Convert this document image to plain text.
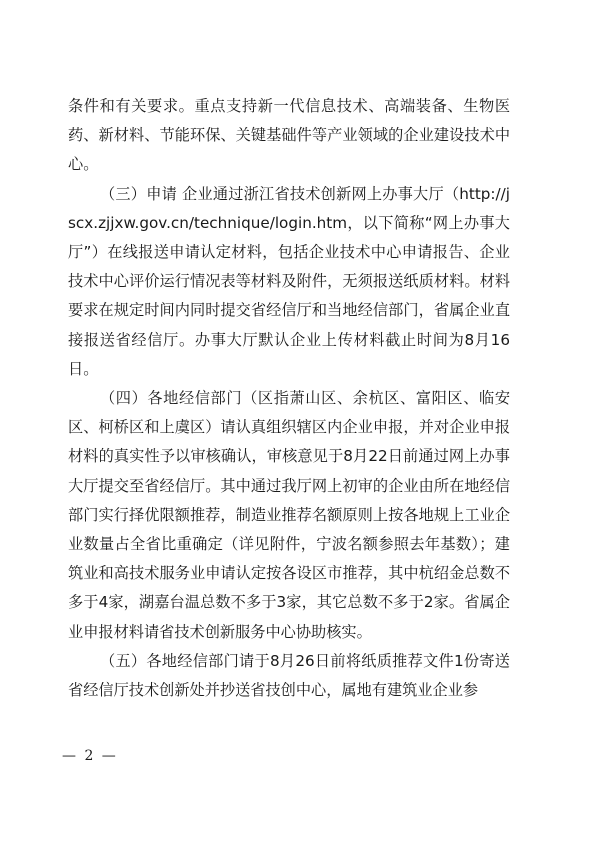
条件和有关要求。重点支持新一代信息技术、高端装备、生物医药、新材料、节能环保、关键基础件等产业领域的企业建设技术中心。

（三）申请 企业通过浙江省技术创新网上办事大厅（http://jscx.zjjxw.gov.cn/technique/login.htm，以下简称“网上办事大厅”）在线报送申请认定材料，包括企业技术中心申请报告、企业技术中心评价运行情况表等材料及附件，无须报送纸质材料。材料要求在规定时间内同时提交省经信厅和当地经信部门，省属企业直接报送省经信厅。办事大厅默认企业上传材料截止时间为8月16日。

（四）各地经信部门（区指萧山区、余杭区、富阳区、临安区、柯桥区和上虞区）请认真组织辖区内企业申报，并对企业申报材料的真实性予以审核确认，审核意见于8月22日前通过网上办事大厅提交至省经信厅。其中通过我厅网上初审的企业由所在地经信部门实行择优限额推荐，制造业推荐名额原则上按各地规上工业企业数量占全省比重确定（详见附件，宁波名额参照去年基数）；建筑业和高技术服务业申请认定按各设区市推荐，其中杭绍金总数不多于4家，湖嘉台温总数不多于3家，其它总数不多于2家。省属企业申报材料请省技术创新服务中心协助核实。

（五）各地经信部门请于8月26日前将纸质推荐文件1份寄送省经信厅技术创新处并抄送省技创中心，属地有建筑业企业参

— 2 —
